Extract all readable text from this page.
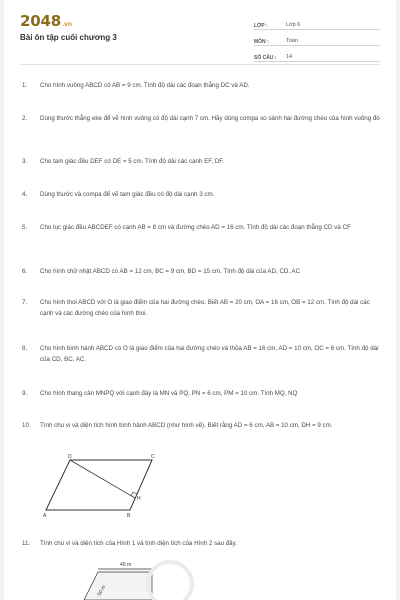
2048.vn
Bài ôn tập cuối chương 3
LỚP :	Lớp 6
MÔN :	Toán
SỐ CÂU :	14
1.	Cho hình vuông ABCD có AB = 9 cm. Tính độ dài các đoạn thẳng DC và AD.
2.	Dùng thước thẳng eke để vẽ hình vuông có độ dài cạnh 7 cm. Hãy dùng compa so sánh hai đường chéo của hình vuông đó
3.	Cho tam giác đều DEF có DE = 5 cm. Tính độ dài các cạnh EF, DF.
4.	Dùng thước và compa để vẽ tam giác đều có độ dài cạnh 3 cm.
5.	Cho lục giác đều ABCDEF có cạnh AB = 8 cm và đường chéo AD = 16 cm. Tính độ dài các đoạn thẳng CD và CF
6.	Cho hình chữ nhật ABCD có AB = 12 cm, BC = 9 cm, BD = 15 cm. Tính độ dài của AD, CD, AC
7.	Cho hình thoi ABCD với O là giao điểm của hai đường chéo. Biết AB = 20 cm, OA = 16 cm, OB = 12 cm. Tính độ dài các cạnh và các đường chéo của hình thoi.
8.	Cho hình bình hành ABCD có O là giao điểm của hai đường chéo và thỏa AB = 16 cm, AD = 10 cm, OC = 6 cm. Tính độ dài của CD, BC, AC.
9.	Cho hình thang cân MNPQ với cạnh đáy là MN và PQ, PN = 6 cm, PM = 10 cm. Tính MQ, NQ
10.	Tính chu vi và diện tích hình bình hành ABCD (như hình vẽ). Biết rằng AD = 6 cm, AB = 10 cm, DH = 9 cm.
D	C
A	B
H
11.	Tính chu vi và diện tích của Hình 1 và tính diện tích của Hình 2 sau đây.
40 m
50 m
